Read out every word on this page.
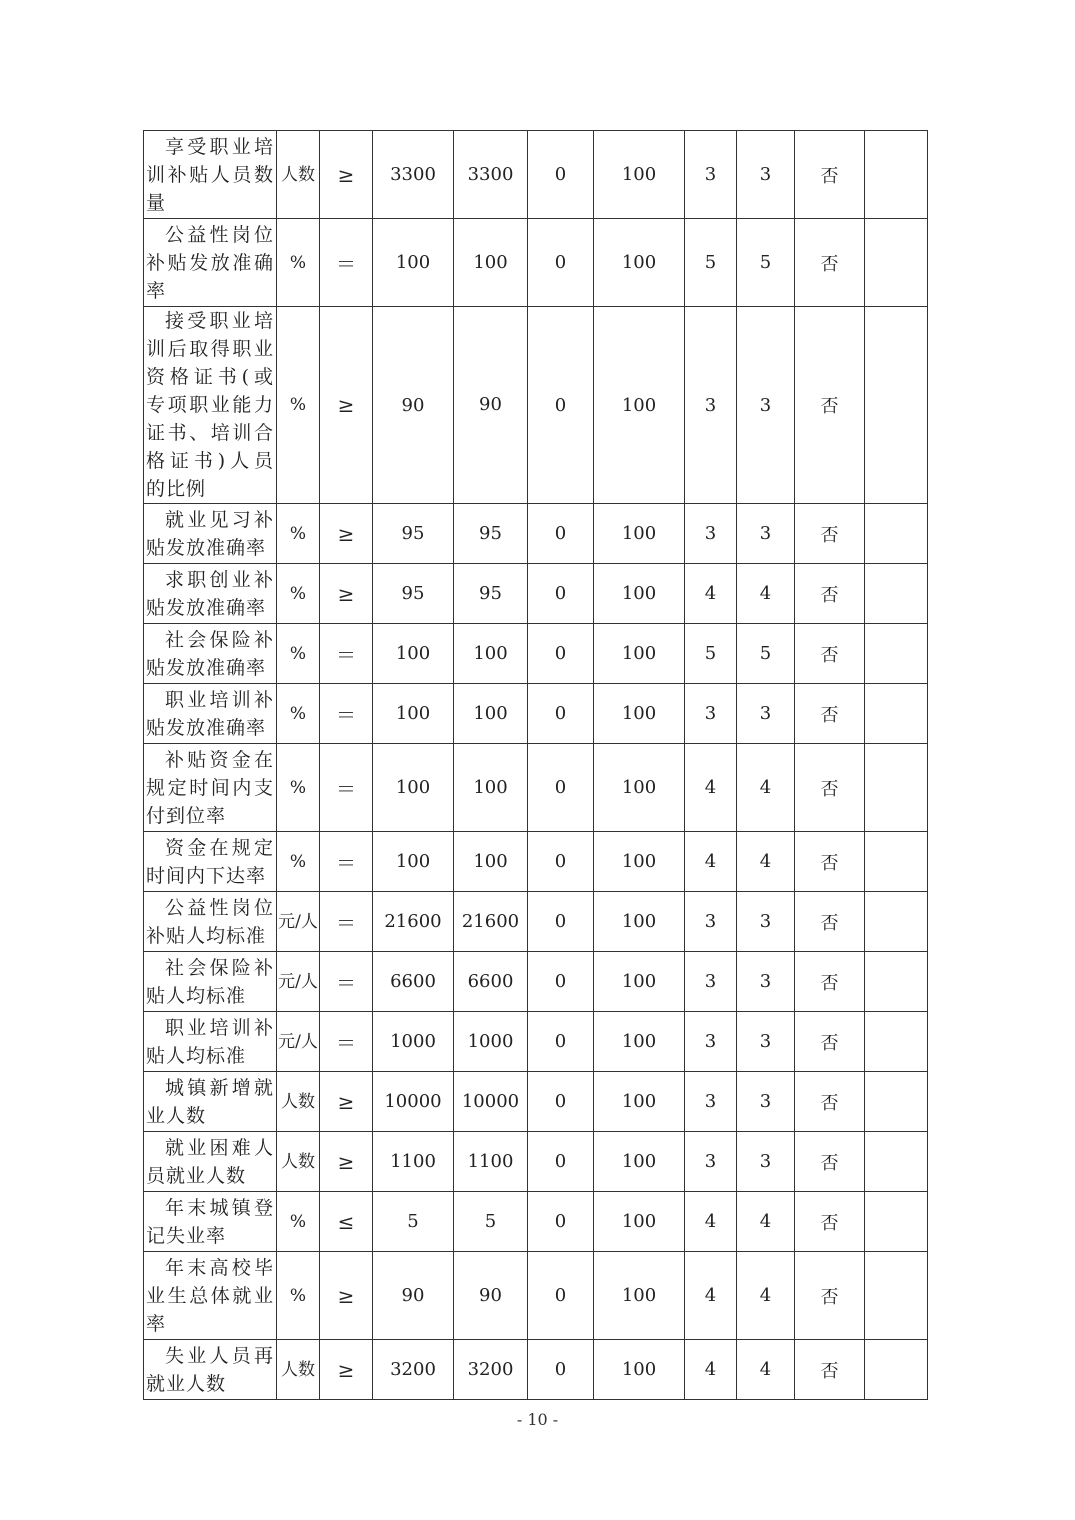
享受职业培训补贴人员数量	人数	≥	3300	3300	0	100	3	3	否	
公益性岗位补贴发放准确率	%	＝	100	100	0	100	5	5	否	
接受职业培训后取得职业资格证书(或专项职业能力证书、培训合格证书)人员的比例	%	≥	90	90	0	100	3	3	否	
就业见习补贴发放准确率	%	≥	95	95	0	100	3	3	否	
求职创业补贴发放准确率	%	≥	95	95	0	100	4	4	否	
社会保险补贴发放准确率	%	＝	100	100	0	100	5	5	否	
职业培训补贴发放准确率	%	＝	100	100	0	100	3	3	否	
补贴资金在规定时间内支付到位率	%	＝	100	100	0	100	4	4	否	
资金在规定时间内下达率	%	＝	100	100	0	100	4	4	否	
公益性岗位补贴人均标准	元/人	＝	21600	21600	0	100	3	3	否	
社会保险补贴人均标准	元/人	＝	6600	6600	0	100	3	3	否	
职业培训补贴人均标准	元/人	＝	1000	1000	0	100	3	3	否	
城镇新增就业人数	人数	≥	10000	10000	0	100	3	3	否	
就业困难人员就业人数	人数	≥	1100	1100	0	100	3	3	否	
年末城镇登记失业率	%	≤	5	5	0	100	4	4	否	
年末高校毕业生总体就业率	%	≥	90	90	0	100	4	4	否	
失业人员再就业人数	人数	≥	3200	3200	0	100	4	4	否	
- 10 -
